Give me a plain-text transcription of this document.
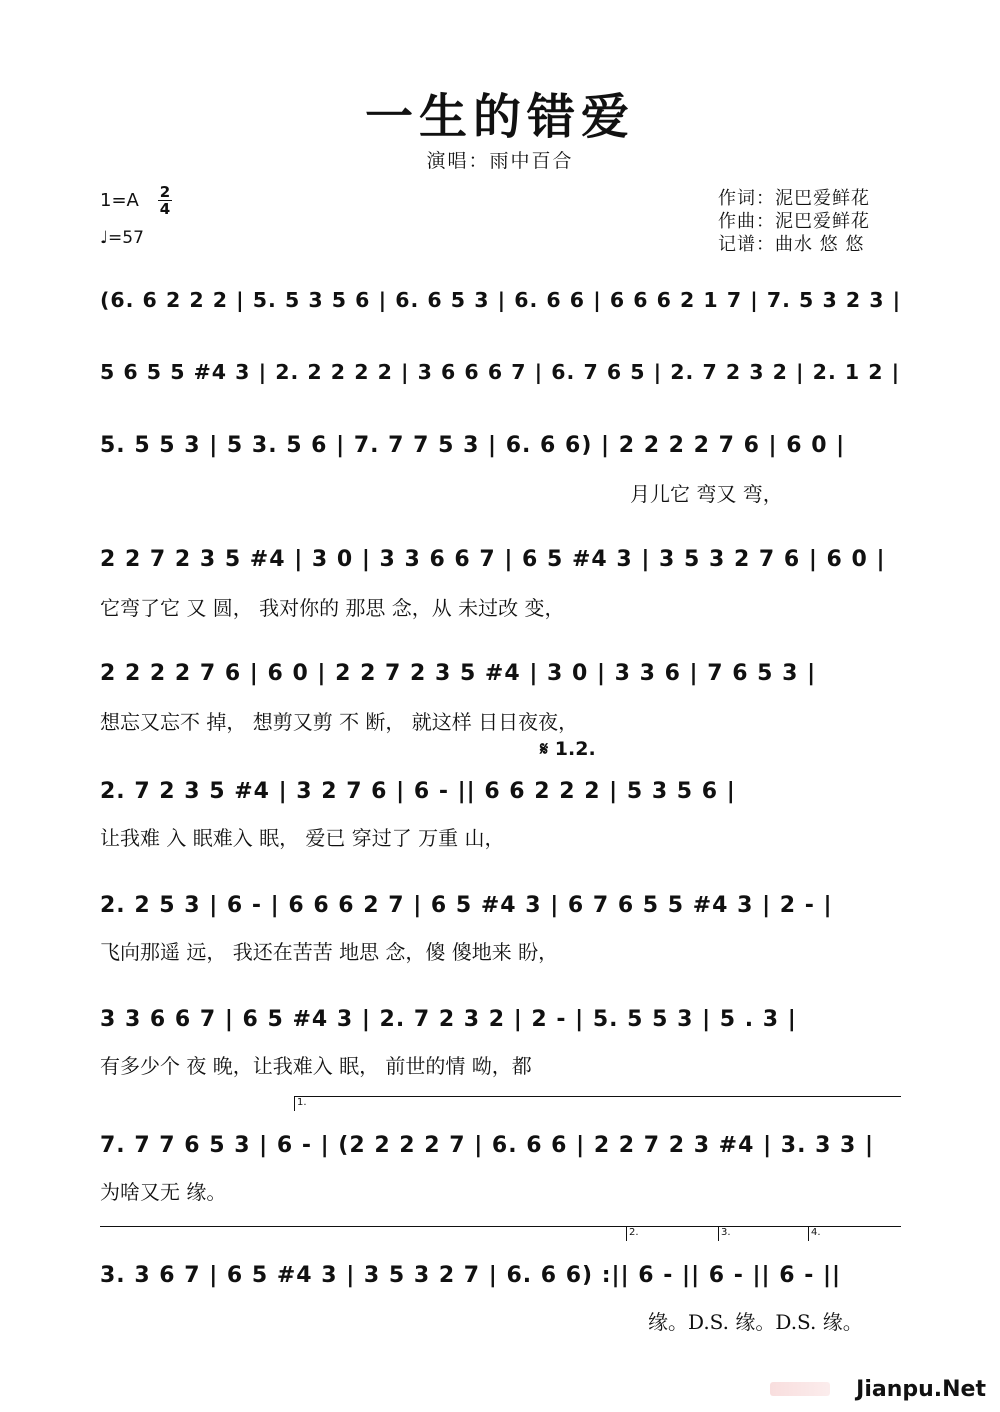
一生的错爱
演唱：雨中百合
1=A 2
4
♩=57
作词：泥巴爱鲜花
作曲：泥巴爱鲜花
记谱：曲水 悠 悠
(6. 6 2 2 2 | 5. 5 3 5 6 | 6. 6 5 3 | 6. 6 6 | 6 6 6 2 1 7 | 7. 5 3 2 3 |
5 6 5 5 #4 3 | 2. 2 2 2 2 | 3 6 6 6 7 | 6. 7 6 5 | 2. 7 2 3 2 | 2. 1 2 |
5. 5 5 3 | 5 3. 5 6 | 7. 7 7 5 3 | 6. 6 6) | 2 2 2 2 7 6 | 6 0 |
月儿它 弯又 弯，
2 2 7 2 3 5 #4 | 3 0 | 3 3 6 6 7 | 6 5 #4 3 | 3 5 3 2 7 6 | 6 0 |
它弯了它 又 圆， 我对你的 那思 念，从 未过改 变，
2 2 2 2 7 6 | 6 0 | 2 2 7 2 3 5 #4 | 3 0 | 3 3 6 | 7 6 5 3 |
想忘又忘不 掉， 想剪又剪 不 断， 就这样 日日夜夜，
𝄋 1.2.
2. 7 2 3 5 #4 | 3 2 7 6 | 6 - || 6 6 2 2 2 | 5 3 5 6 |
让我难 入 眠难入 眠， 爱已 穿过了 万重 山，
2. 2 5 3 | 6 - | 6 6 6 2 7 | 6 5 #4 3 | 6 7 6 5 5 #4 3 | 2 - |
飞向那遥 远， 我还在苦苦 地思 念，傻 傻地来 盼，
3 3 6 6 7 | 6 5 #4 3 | 2. 7 2 3 2 | 2 - | 5. 5 5 3 | 5 . 3 |
有多少个 夜 晚，让我难入 眠， 前世的情 呦，都
1.
7. 7 7 6 5 3 | 6 - | (2 2 2 2 7 | 6. 6 6 | 2 2 7 2 3 #4 | 3. 3 3 |
为啥又无 缘。
2.	3.	4.
3. 3 6 7 | 6 5 #4 3 | 3 5 3 2 7 | 6. 6 6) :|| 6 - || 6 - || 6 - ||
缘。D.S. 缘。D.S. 缘。
Jianpu.Net
